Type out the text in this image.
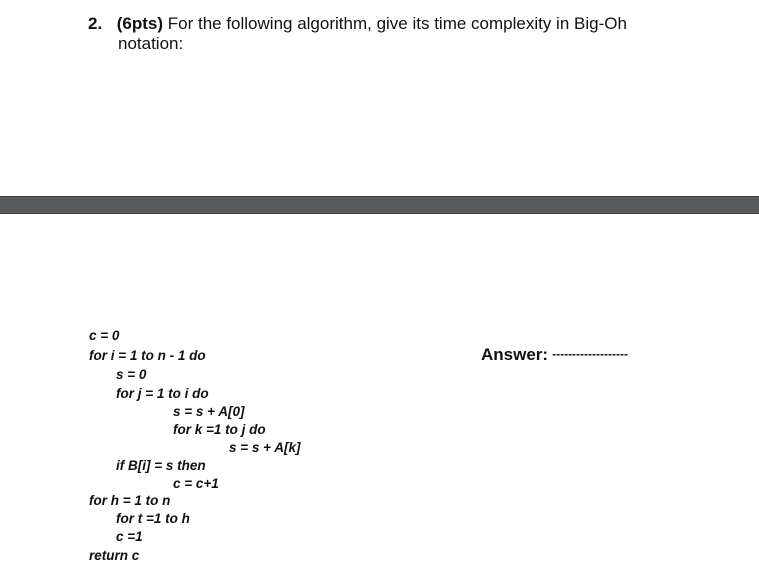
2. (6pts) For the following algorithm, give its time complexity in Big-Oh
notation:
c = 0
for i = 1 to n - 1 do
s = 0
for j = 1 to i do
s = s + A[0]
for k =1 to j do
s = s + A[k]
if B[i] = s then
c = c+1
for h = 1 to n
for t =1 to h
c =1
return c
Answer: -------------------
